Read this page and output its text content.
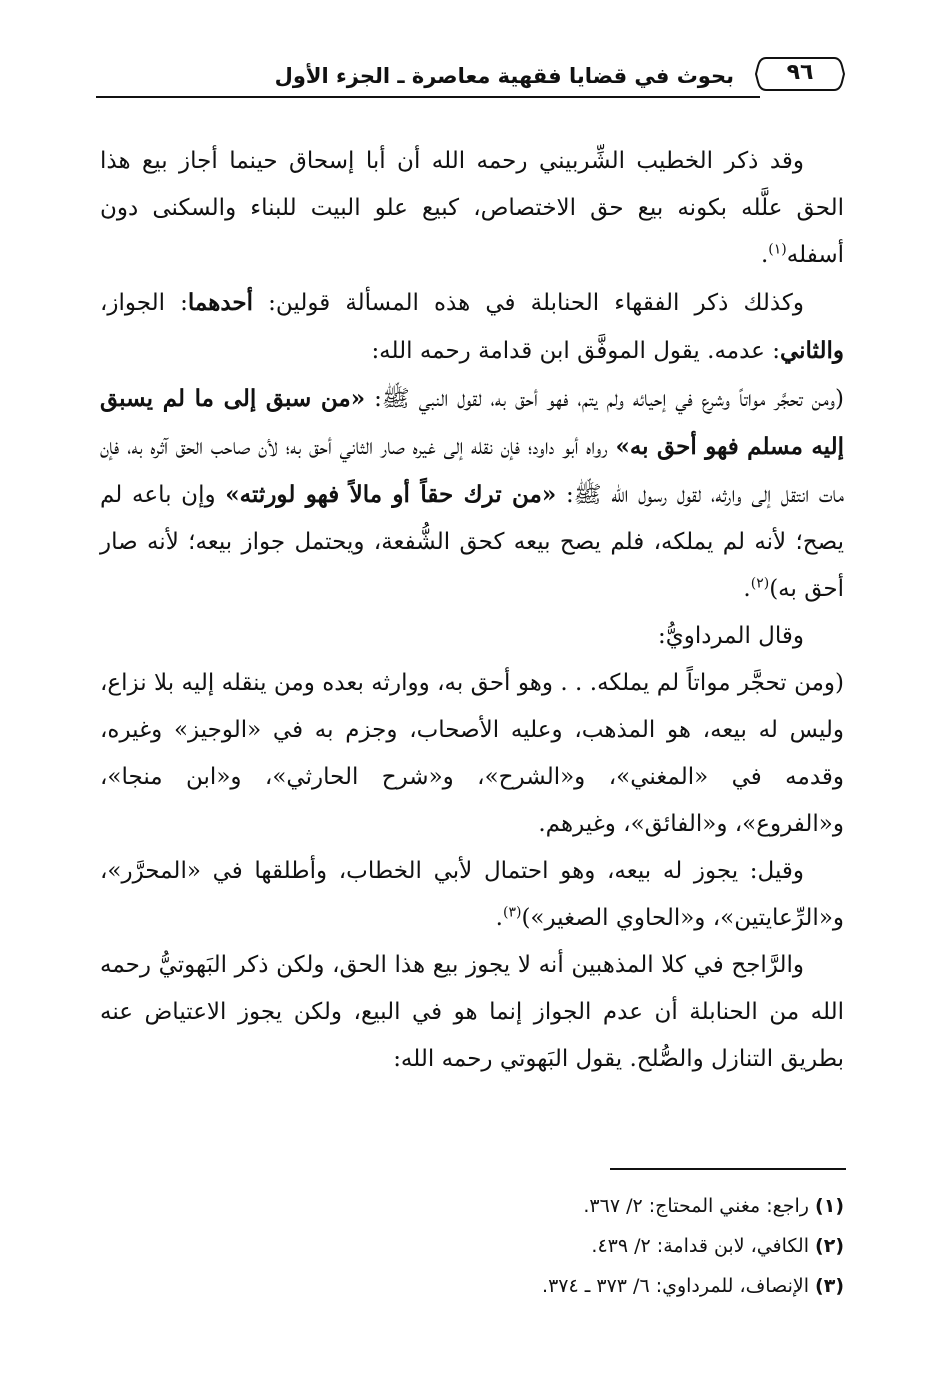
بحوث في قضايا فقهية معاصرة ـ الجزء الأول	٩٦

وقد ذكر الخطيب الشِّربيني رحمه الله أن أبا إسحاق حينما أجاز بيع هذا الحق علَّله بكونه بيع حق الاختصاص، كبيع علو البيت للبناء والسكنى دون أسفله$^{(١)}$.

وكذلك ذكر الفقهاء الحنابلة في هذه المسألة قولين: أحدهما: الجواز، والثاني: عدمه. يقول الموفَّق ابن قدامة رحمه الله:

(ومن تحجَّر مواتاً وشرع في إحيائه ولم يتم، فهو أحق به، لقول النبي ﷺ: «من سبق إلى ما لم يسبق إليه مسلم فهو أحق به» رواه أبو داود؛ فإن نقله إلى غيره صار الثاني أحق به؛ لأن صاحب الحق آثره به، فإن مات انتقل إلى وارثه، لقول رسول الله ﷺ: «من ترك حقاً أو مالاً فهو لورثته» وإن باعه لم يصح؛ لأنه لم يملكه، فلم يصح بيعه كحق الشُّفعة، ويحتمل جواز بيعه؛ لأنه صار أحق به)$^{(٢)}$.

وقال المرداويُّ:

(ومن تحجَّر مواتاً لم يملكه. . . وهو أحق به، ووارثه بعده ومن ينقله إليه بلا نزاع، وليس له بيعه، هو المذهب، وعليه الأصحاب، وجزم به في «الوجيز» وغيره، وقدمه في «المغني»، و«الشرح»، و«شرح الحارثي»، و«ابن منجا»، و«الفروع»، و«الفائق»، وغيرهم.

وقيل: يجوز له بيعه، وهو احتمال لأبي الخطاب، وأطلقها في «المحرَّر»، و«الرِّعايتين»، و«الحاوي الصغير»)$^{(٣)}$.

والرَّاجح في كلا المذهبين أنه لا يجوز بيع هذا الحق، ولكن ذكر البَهوتيُّ رحمه الله من الحنابلة أن عدم الجواز إنما هو في البيع، ولكن يجوز الاعتياض عنه بطريق التنازل والصُّلح. يقول البَهوتي رحمه الله:

(١) راجع: مغني المحتاج: ٢/ ٣٦٧.
(٢) الكافي، لابن قدامة: ٢/ ٤٣٩.
(٣) الإنصاف، للمرداوي: ٦/ ٣٧٣ ـ ٣٧٤.
